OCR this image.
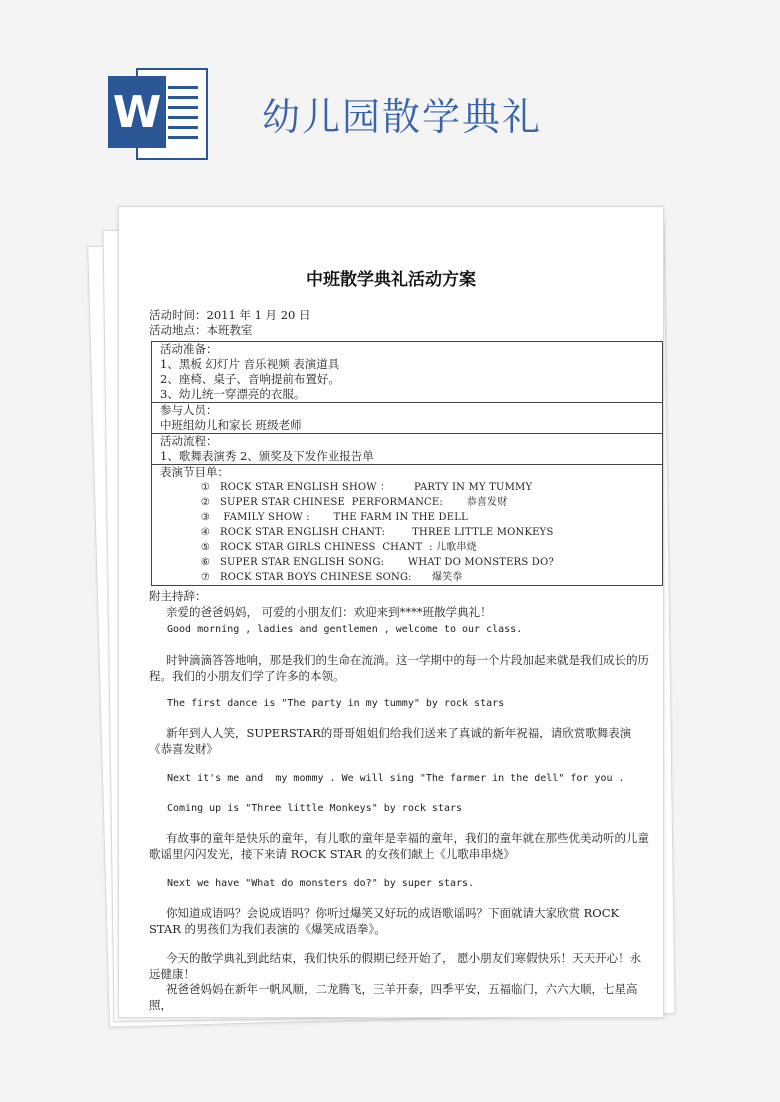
W	幼儿园散学典礼
中班散学典礼活动方案
活动时间：2011 年 1 月 20 日
活动地点：本班教室
活动准备：
1、黑板 幻灯片 音乐视频 表演道具
2、座椅、桌子、音响提前布置好。
3、幼儿统一穿漂亮的衣服。
参与人员：
中班组幼儿和家长 班级老师
活动流程：
1、歌舞表演秀 2、颁奖及下发作业报告单
表演节目单：
①	ROCK STAR ENGLISH SHOW ：       PARTY IN MY TUMMY
②	SUPER STAR CHINESE  PERFORMANCE:       恭喜发财
③	FAMILY SHOW :       THE FARM IN THE DELL
④	ROCK STAR ENGLISH CHANT:        THREE LITTLE MONKEYS
⑤	ROCK STAR GIRLS CHINESS  CHANT  : 儿歌串烧
⑥	SUPER STAR ENGLISH SONG:       WHAT DO MONSTERS DO?
⑦	ROCK STAR BOYS CHINESE SONG:      爆笑拳
附主持辞：
亲爱的爸爸妈妈， 可爱的小朋友们：欢迎来到****班散学典礼！
Good morning , ladies and gentlemen , welcome to our class.
时钟滴滴答答地响，那是我们的生命在流淌。这一学期中的每一个片段加起来就是我们成长的历程。我们的小朋友们学了许多的本领。
The first dance is "The party in my tummy" by rock stars
新年到人人笑，SUPERSTAR的哥哥姐姐们给我们送来了真诚的新年祝福，请欣赏歌舞表演《恭喜发财》
Next it's me and  my mommy . We will sing "The farmer in the dell" for you .
Coming up is "Three little Monkeys" by rock stars
有故事的童年是快乐的童年，有儿歌的童年是幸福的童年，我们的童年就在那些优美动听的儿童歌谣里闪闪发光，接下来请 ROCK STAR 的女孩们献上《儿歌串串烧》
Next we have "What do monsters do?" by super stars.
你知道成语吗？会说成语吗？你听过爆笑又好玩的成语歌谣吗？下面就请大家欣赏 ROCK STAR 的男孩们为我们表演的《爆笑成语拳》。
今天的散学典礼到此结束，我们快乐的假期已经开始了， 愿小朋友们寒假快乐！天天开心！永远健康！
祝爸爸妈妈在新年一帆风顺，二龙腾飞，三羊开泰，四季平安，五福临门，六六大顺，七星高照，
